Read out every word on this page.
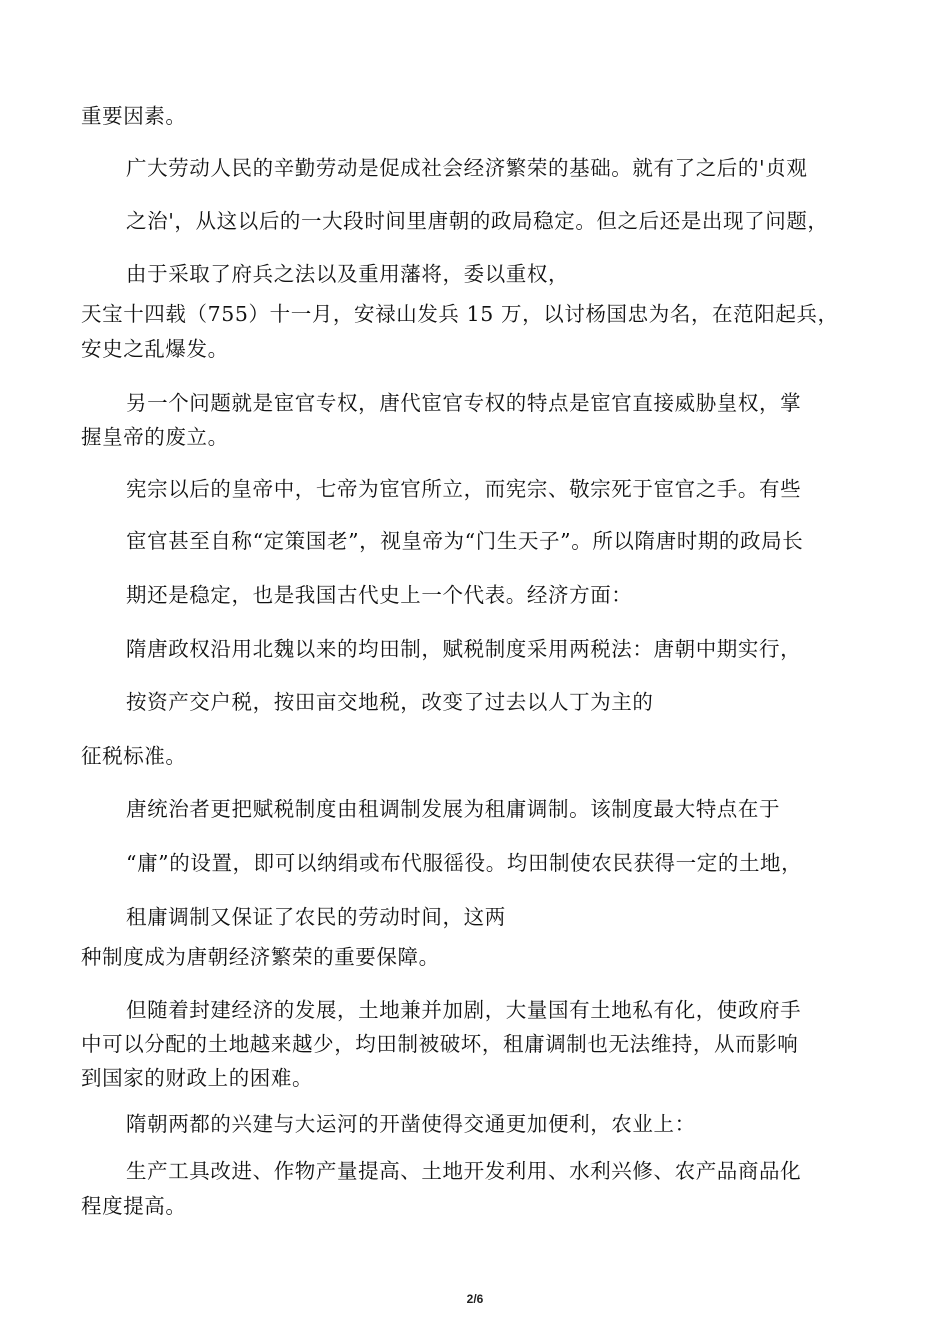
重要因素。

广大劳动人民的辛勤劳动是促成社会经济繁荣的基础。就有了之后的'贞观

之治'，从这以后的一大段时间里唐朝的政局稳定。但之后还是出现了问题，

由于采取了府兵之法以及重用藩将，委以重权，

天宝十四载（755）十一月，安禄山发兵 15 万，以讨杨国忠为名，在范阳起兵，

安史之乱爆发。

另一个问题就是宦官专权，唐代宦官专权的特点是宦官直接威胁皇权，掌

握皇帝的废立。

宪宗以后的皇帝中，七帝为宦官所立，而宪宗、敬宗死于宦官之手。有些

宦官甚至自称“定策国老”，视皇帝为“门生天子”。所以隋唐时期的政局长

期还是稳定，也是我国古代史上一个代表。经济方面：

隋唐政权沿用北魏以来的均田制，赋税制度采用两税法：唐朝中期实行，

按资产交户税，按田亩交地税，改变了过去以人丁为主的

征税标准。

唐统治者更把赋税制度由租调制发展为租庸调制。该制度最大特点在于

“庸”的设置，即可以纳绢或布代服徭役。均田制使农民获得一定的土地，

租庸调制又保证了农民的劳动时间，这两

种制度成为唐朝经济繁荣的重要保障。

但随着封建经济的发展，土地兼并加剧，大量国有土地私有化，使政府手

中可以分配的土地越来越少，均田制被破坏，租庸调制也无法维持，从而影响

到国家的财政上的困难。

隋朝两都的兴建与大运河的开凿使得交通更加便利，农业上：

生产工具改进、作物产量提高、土地开发利用、水利兴修、农产品商品化

程度提高。

2/6
